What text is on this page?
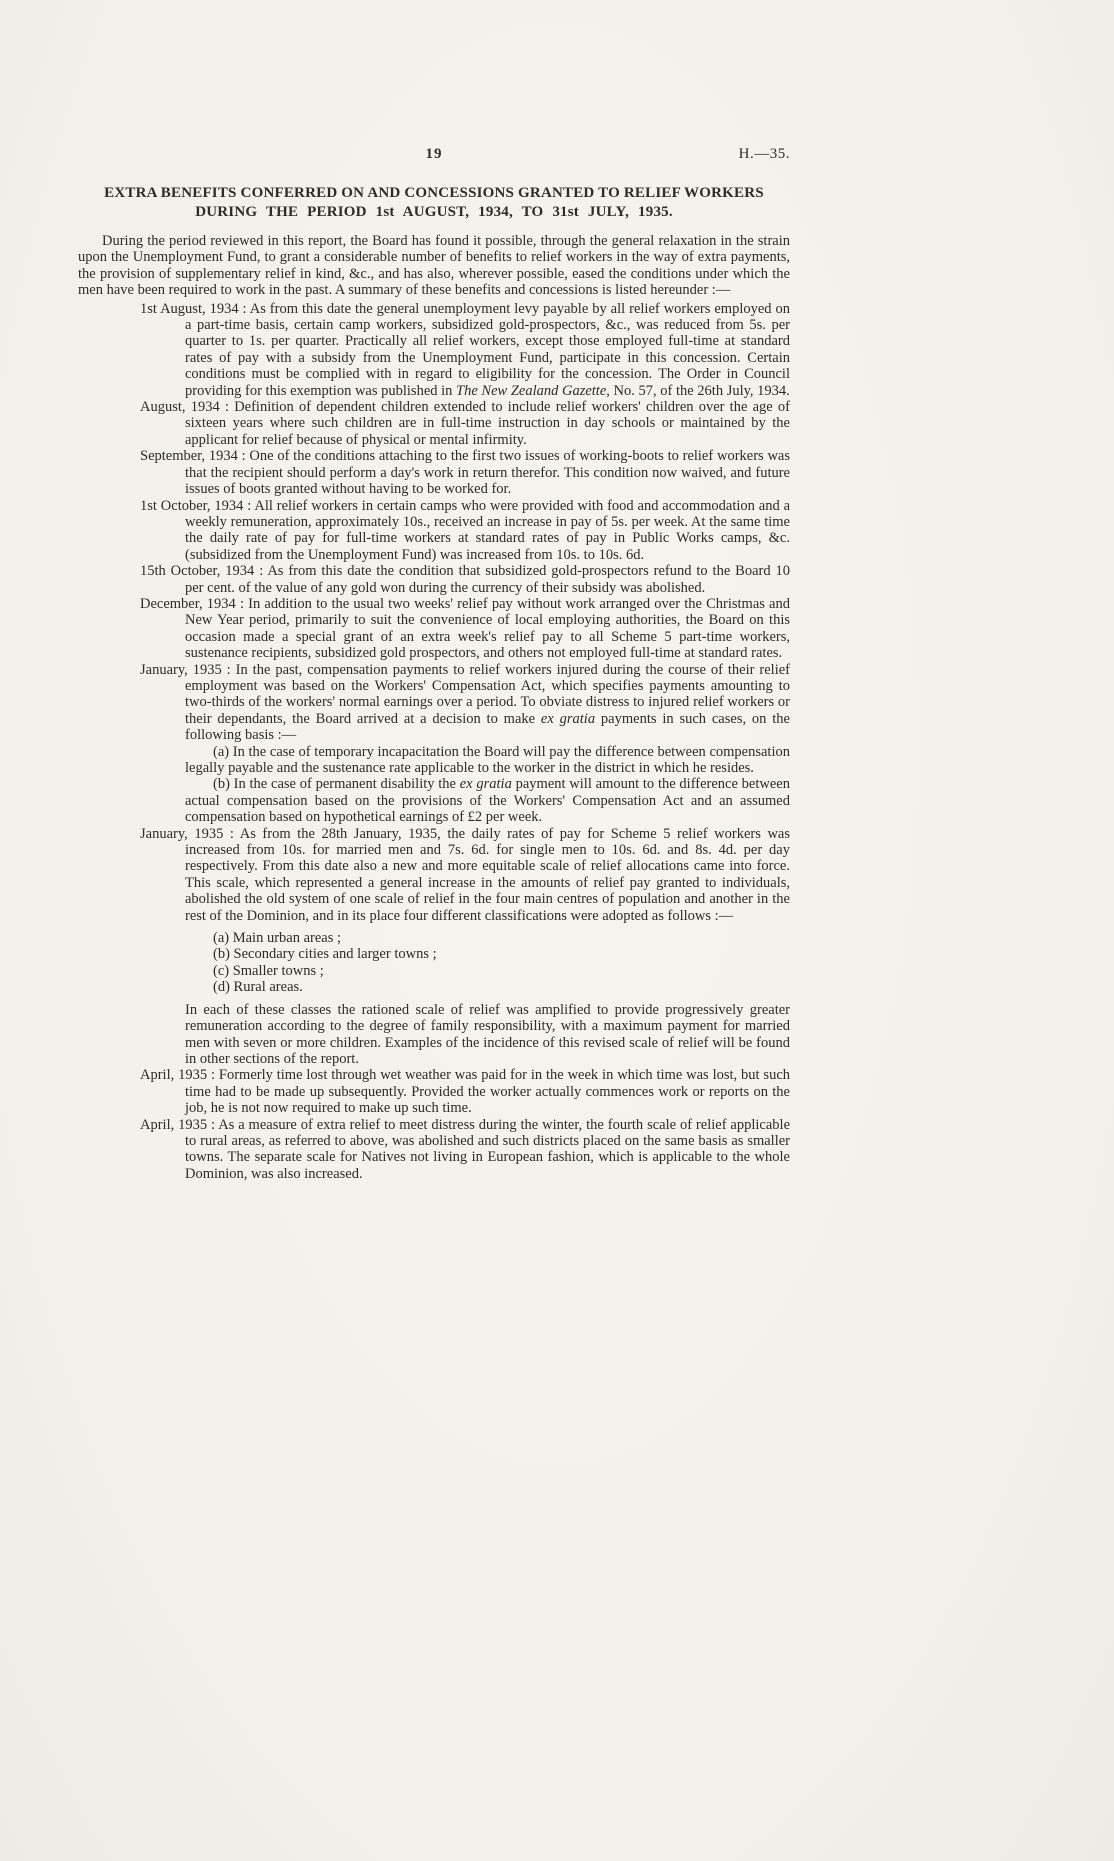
19	H.—35.
EXTRA BENEFITS CONFERRED ON AND CONCESSIONS GRANTED TO RELIEF WORKERS
DURING THE PERIOD 1st AUGUST, 1934, TO 31st JULY, 1935.

During the period reviewed in this report, the Board has found it possible, through the general relaxation in the strain upon the Unemployment Fund, to grant a considerable number of benefits to relief workers in the way of extra payments, the provision of supplementary relief in kind, &c., and has also, wherever possible, eased the conditions under which the men have been required to work in the past. A summary of these benefits and concessions is listed hereunder :—

1st August, 1934 : As from this date the general unemployment levy payable by all relief workers employed on a part-time basis, certain camp workers, subsidized gold-prospectors, &c., was reduced from 5s. per quarter to 1s. per quarter. Practically all relief workers, except those employed full-time at standard rates of pay with a subsidy from the Unemployment Fund, participate in this concession. Certain conditions must be complied with in regard to eligibility for the concession. The Order in Council providing for this exemption was published in The New Zealand Gazette, No. 57, of the 26th July, 1934.

August, 1934 : Definition of dependent children extended to include relief workers' children over the age of sixteen years where such children are in full-time instruction in day schools or maintained by the applicant for relief because of physical or mental infirmity.

September, 1934 : One of the conditions attaching to the first two issues of working-boots to relief workers was that the recipient should perform a day's work in return therefor. This condition now waived, and future issues of boots granted without having to be worked for.

1st October, 1934 : All relief workers in certain camps who were provided with food and accommodation and a weekly remuneration, approximately 10s., received an increase in pay of 5s. per week. At the same time the daily rate of pay for full-time workers at standard rates of pay in Public Works camps, &c. (subsidized from the Unemployment Fund) was increased from 10s. to 10s. 6d.

15th October, 1934 : As from this date the condition that subsidized gold-prospectors refund to the Board 10 per cent. of the value of any gold won during the currency of their subsidy was abolished.

December, 1934 : In addition to the usual two weeks' relief pay without work arranged over the Christmas and New Year period, primarily to suit the convenience of local employing authorities, the Board on this occasion made a special grant of an extra week's relief pay to all Scheme 5 part-time workers, sustenance recipients, subsidized gold prospectors, and others not employed full-time at standard rates.

January, 1935 : In the past, compensation payments to relief workers injured during the course of their relief employment was based on the Workers' Compensation Act, which specifies payments amounting to two-thirds of the workers' normal earnings over a period. To obviate distress to injured relief workers or their dependants, the Board arrived at a decision to make ex gratia payments in such cases, on the following basis :—

(a) In the case of temporary incapacitation the Board will pay the difference between compensation legally payable and the sustenance rate applicable to the worker in the district in which he resides.

(b) In the case of permanent disability the ex gratia payment will amount to the difference between actual compensation based on the provisions of the Workers' Compensation Act and an assumed compensation based on hypothetical earnings of £2 per week.

January, 1935 : As from the 28th January, 1935, the daily rates of pay for Scheme 5 relief workers was increased from 10s. for married men and 7s. 6d. for single men to 10s. 6d. and 8s. 4d. per day respectively. From this date also a new and more equitable scale of relief allocations came into force. This scale, which represented a general increase in the amounts of relief pay granted to individuals, abolished the old system of one scale of relief in the four main centres of population and another in the rest of the Dominion, and in its place four different classifications were adopted as follows :—

(a) Main urban areas ;

(b) Secondary cities and larger towns ;

(c) Smaller towns ;

(d) Rural areas.

In each of these classes the rationed scale of relief was amplified to provide progressively greater remuneration according to the degree of family responsibility, with a maximum payment for married men with seven or more children. Examples of the incidence of this revised scale of relief will be found in other sections of the report.

April, 1935 : Formerly time lost through wet weather was paid for in the week in which time was lost, but such time had to be made up subsequently. Provided the worker actually commences work or reports on the job, he is not now required to make up such time.

April, 1935 : As a measure of extra relief to meet distress during the winter, the fourth scale of relief applicable to rural areas, as referred to above, was abolished and such districts placed on the same basis as smaller towns. The separate scale for Natives not living in European fashion, which is applicable to the whole Dominion, was also increased.
